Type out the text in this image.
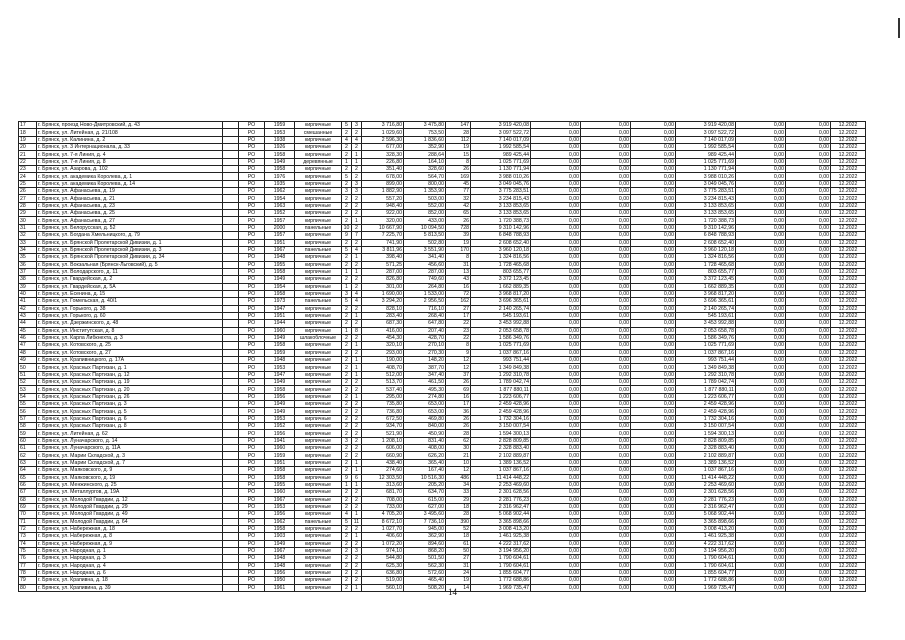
17	г. Брянск, проезд Ново-Дмитровский, д. 43		РО	1959	кирпичные	5	3	3 716,80	3 475,80	147	3 919 420,08	0,00	0,00	0,00	3 919 420,08	0,00	0,00	12.2022
18	г. Брянск, ул. Литейная, д. 21/108		РО	1953	смешанные	2	2	1 029,60	753,50	28	3 097 522,72	0,00	0,00	0,00	3 097 522,72	0,00	0,00	12.2022
19	г. Брянск, ул. Калинина, д. 2		РО	1938	кирпичные	4	4	2 596,30	1 836,60	112	7 140 017,09	0,00	0,00	0,00	7 140 017,09	0,00	0,00	12.2022
20	г. Брянск, ул. 3 Интернационала, д. 33		РО	1926	кирпичные	2	2	677,00	352,90	19	1 992 585,54	0,00	0,00	0,00	1 992 585,54	0,00	0,00	12.2022
21	г. Брянск, ул. 7-я Линия, д. 4		РО	1958	кирпичные	2	1	328,30	288,64	15	989 425,44	0,00	0,00	0,00	989 425,44	0,00	0,00	12.2022
22	г. Брянск, ул. 7-я Линия, д. 8		РО	1949	деревянные	1	1	226,80	164,10	8	1 025 771,69	0,00	0,00	0,00	1 025 771,69	0,00	0,00	12.2022
23	г. Брянск, ул. Азарова, д. 102		РО	1958	кирпичные	2	2	351,40	328,60	26	1 130 771,94	0,00	0,00	0,00	1 130 771,94	0,00	0,00	12.2022
24	г. Брянск, ул. академика Королева, д. 1		РО	1976	кирпичные	5	2	678,00	564,70	169	3 988 010,26	0,00	0,00	0,00	3 988 010,26	0,00	0,00	12.2022
25	г. Брянск, ул. академика Королева, д. 14		РО	1935	кирпичные	2	3	899,00	800,00	45	3 049 045,76	0,00	0,00	0,00	3 049 045,76	0,00	0,00	12.2022
26	г. Брянск, ул. Афанасьева, д. 19		РО	1962	кирпичные	3	3	1 882,90	1 353,90	77	3 775 283,51	0,00	0,00	0,00	3 775 283,51	0,00	0,00	12.2022
27	г. Брянск, ул. Афанасьева, д. 21		РО	1954	кирпичные	2	2	557,20	503,00	32	3 234 815,43	0,00	0,00	0,00	3 234 815,43	0,00	0,00	12.2022
28	г. Брянск, ул. Афанасьева, д. 23		РО	1963	кирпичные	2	2	948,40	552,00	42	3 133 853,65	0,00	0,00	0,00	3 133 853,65	0,00	0,00	12.2022
29	г. Брянск, ул. Афанасьева, д. 25		РО	1952	кирпичные	2	2	922,00	852,00	65	3 133 853,65	0,00	0,00	0,00	3 133 853,65	0,00	0,00	12.2022
30	г. Брянск, ул. Афанасьева, д. 27		РО	1957	кирпичные	2	1	320,00	433,00	26	1 720 388,73	0,00	0,00	0,00	1 720 388,73	0,00	0,00	12.2022
31	г. Брянск, ул. Белорусская, д. 52		РО	2000	панельные	10	2	10 667,90	10 094,50	728	9 310 142,96	0,00	0,00	0,00	9 310 142,96	0,00	0,00	12.2022
32	г. Брянск, ул. Богдана Хмельницкого, д. 79		РО	1957	кирпичные	9	7	7 225,70	5 813,50	39	6 848 788,93	0,00	0,00	0,00	6 848 788,93	0,00	0,00	12.2022
33	г. Брянск, ул. Брянской Пролетарской Дивизии, д. 1		РО	1951	кирпичные	2	2	741,90	502,80	19	2 608 652,40	0,00	0,00	0,00	2 608 652,40	0,00	0,00	12.2022
34	г. Брянск, ул. Брянской Пролетарской Дивизии, д. 3		РО	1967	панельные	5	4	3 811,96	3 551,90	170	3 960 120,18	0,00	0,00	0,00	3 960 120,18	0,00	0,00	12.2022
35	г. Брянск, ул. Брянской Пролетарской Дивизии, д. 34		РО	1948	кирпичные	2	1	398,40	341,40	8	1 324 816,56	0,00	0,00	0,00	1 324 816,56	0,00	0,00	12.2022
36	г. Брянск, ул. Вокзальная (Брянск-Льговский), д. 5		РО	1955	кирпичные	2	2	571,25	456,60	31	1 728 465,68	0,00	0,00	0,00	1 728 465,68	0,00	0,00	12.2022
37	г. Брянск, ул. Володарского, д. 11		РО	1958	кирпичные	1	1	287,00	287,00	13	803 655,77	0,00	0,00	0,00	803 655,77	0,00	0,00	12.2022
38	г. Брянск, ул. Гвардейская, д. 2		РО	1949	кирпичные	2	2	826,80	749,60	43	3 372 123,45	0,00	0,00	0,00	3 372 123,45	0,00	0,00	12.2022
39	г. Брянск, ул. Гвардейская, д. 5А		РО	1954	кирпичные	1	2	301,00	264,80	16	1 662 889,35	0,00	0,00	0,00	1 662 889,35	0,00	0,00	12.2022
40	г. Брянск, ул. Есенина, д. 15		РО	1958	кирпичные	3	4	1 690,00	1 533,00	72	3 968 817,20	0,00	0,00	0,00	3 968 817,20	0,00	0,00	12.2022
41	г. Брянск, ул. Гомельская, д. 40/1		РО	1973	панельные	5	4	3 294,20	2 956,50	162	3 696 365,61	0,00	0,00	0,00	3 696 365,61	0,00	0,00	12.2022
42	г. Брянск, ул. Горького, д. 38		РО	1947	кирпичные	2	2	828,10	716,10	27	2 140 265,74	0,00	0,00	0,00	2 140 265,74	0,00	0,00	12.2022
43	г. Брянск, ул. Горького, д. 60		РО	1951	кирпичные	2	1	283,40	268,40	17	545 193,61	0,00	0,00	0,00	545 193,61	0,00	0,00	12.2022
44	г. Брянск, ул. Дзержинского, д. 48		РО	1944	кирпичные	2	2	687,30	647,80	22	3 453 992,88	0,00	0,00	0,00	3 453 992,88	0,00	0,00	12.2022
45	г. Брянск, ул. Институтская, д. 8		РО	1960	кирпичные	1	8	416,00	207,40	23	2 053 658,78	0,00	0,00	0,00	2 053 658,78	0,00	0,00	12.2022
46	г. Брянск, ул. Карла Либкнехта, д. 3		РО	1949	шлакоблочные	2	2	454,30	428,70	22	1 586 349,76	0,00	0,00	0,00	1 586 349,76	0,00	0,00	12.2022
47	г. Брянск, ул. Котовского, д. 25		РО	1958	кирпичные	2	1	320,10	270,10	8	1 025 771,69	0,00	0,00	0,00	1 025 771,69	0,00	0,00	12.2022
48	г. Брянск, ул. Котовского, д. 27		РО	1959	кирпичные	2	2	293,00	270,30	9	1 037 867,16	0,00	0,00	0,00	1 037 867,16	0,00	0,00	12.2022
49	г. Брянск, ул. Крапивницкого, д. 17А		РО	1948	кирпичные	2	1	190,00	148,20	12	993 751,44	0,00	0,00	0,00	993 751,44	0,00	0,00	12.2022
50	г. Брянск, ул. Красных Партизан, д. 1		РО	1953	кирпичные	2	1	408,70	387,70	12	1 349 849,38	0,00	0,00	0,00	1 349 849,38	0,00	0,00	12.2022
51	г. Брянск, ул. Красных Партизан, д. 12		РО	1947	кирпичные	2	1	512,00	347,40	37	1 292 310,78	0,00	0,00	0,00	1 292 310,78	0,00	0,00	12.2022
52	г. Брянск, ул. Красных Партизан, д. 19		РО	1949	кирпичные	2	2	513,70	461,50	26	1 789 042,74	0,00	0,00	0,00	1 789 042,74	0,00	0,00	12.2022
53	г. Брянск, ул. Красных Партизан, д. 20		РО	1958	кирпичные	2	2	537,40	495,30	69	1 877 880,11	0,00	0,00	0,00	1 877 880,11	0,00	0,00	12.2022
54	г. Брянск, ул. Красных Партизан, д. 26		РО	1956	кирпичные	2	1	295,00	274,80	16	1 223 606,77	0,00	0,00	0,00	1 223 606,77	0,00	0,00	12.2022
55	г. Брянск, ул. Красных Партизан, д. 3		РО	1949	кирпичные	2	2	735,80	653,00	17	2 459 428,96	0,00	0,00	0,00	2 459 428,96	0,00	0,00	12.2022
56	г. Брянск, ул. Красных Партизан, д. 5		РО	1949	кирпичные	2	2	736,80	653,00	36	2 459 428,96	0,00	0,00	0,00	2 459 428,96	0,00	0,00	12.2022
57	г. Брянск, ул. Красных Партизан, д. 6		РО	1953	кирпичные	2	2	672,50	469,80	26	1 732 304,16	0,00	0,00	0,00	1 732 304,16	0,00	0,00	12.2022
58	г. Брянск, ул. Красных Партизан, д. 8		РО	1952	кирпичные	2	2	934,70	840,00	26	3 150 007,54	0,00	0,00	0,00	3 150 007,54	0,00	0,00	12.2022
59	г. Брянск, ул. Литейная, д. 62		РО	1956	кирпичные	2	2	521,90	450,90	28	1 594 300,13	0,00	0,00	0,00	1 594 300,13	0,00	0,00	12.2022
60	г. Брянск, ул. Луначарского, д. 14		РО	1941	кирпичные	3	2	1 208,10	831,40	62	2 828 809,85	0,00	0,00	0,00	2 828 809,85	0,00	0,00	12.2022
61	г. Брянск, ул. Луначарского, д. 11А		РО	1960	кирпичные	2	2	606,00	408,00	30	2 328 883,40	0,00	0,00	0,00	2 328 883,40	0,00	0,00	12.2022
62	г. Брянск, ул. Марии Складской, д. 3		РО	1959	кирпичные	2	2	660,90	626,20	21	2 102 889,87	0,00	0,00	0,00	2 102 889,87	0,00	0,00	12.2022
63	г. Брянск, ул. Марии Складской, д. 7		РО	1951	кирпичные	2	1	438,40	365,40	10	1 389 136,52	0,00	0,00	0,00	1 389 136,52	0,00	0,00	12.2022
64	г. Брянск, ул. Маяковского, д. 9		РО	1958	кирпичные	2	1	274,60	167,40	12	1 037 867,16	0,00	0,00	0,00	1 037 867,16	0,00	0,00	12.2022
65	г. Брянск, ул. Маяковского, д. 19		РО	1958	кирпичные	9	6	12 303,50	10 516,30	486	11 414 448,22	0,00	0,00	0,00	11 414 448,22	0,00	0,00	12.2022
66	г. Брянск, ул. Менжинского, д. 25		РО	1955	кирпичные	1	1	313,60	205,20	34	2 253 469,60	0,00	0,00	0,00	2 253 469,60	0,00	0,00	12.2022
67	г. Брянск, ул. Металлургов, д. 19А		РО	1960	кирпичные	2	2	681,70	634,70	33	2 301 628,56	0,00	0,00	0,00	2 301 628,56	0,00	0,00	12.2022
68	г. Брянск, ул. Молодой Гвардии, д. 12		РО	1967	кирпичные	2	2	708,00	615,00	29	2 281 776,23	0,00	0,00	0,00	2 281 776,23	0,00	0,00	12.2022
69	г. Брянск, ул. Молодой Гвардии, д. 29		РО	1953	кирпичные	2	2	733,00	627,00	18	2 316 962,47	0,00	0,00	0,00	2 316 962,47	0,00	0,00	12.2022
70	г. Брянск, ул. Молодой Гвардии, д. 49		РО	1956	кирпичные	4	1	4 705,20	3 495,60	28	5 068 902,44	0,00	0,00	0,00	5 068 902,44	0,00	0,00	12.2022
71	г. Брянск, ул. Молодой Гвардии, д. 64		РО	1962	панельные	5	11	8 672,10	7 736,10	390	3 365 898,66	0,00	0,00	0,00	3 365 898,66	0,00	0,00	12.2022
72	г. Брянск, ул. Набережная, д. 18		РО	1958	кирпичные	2	2	1 027,70	945,00	52	3 008 413,20	0,00	0,00	0,00	3 008 413,20	0,00	0,00	12.2022
73	г. Брянск, ул. Набережная, д. 8		РО	1903	кирпичные	2	1	406,60	362,90	18	1 461 925,38	0,00	0,00	0,00	1 461 925,38	0,00	0,00	12.2022
74	г. Брянск, ул. Набережная, д. 9		РО	1949	кирпичные	2	2	1 072,20	894,60	61	4 222 317,62	0,00	0,00	0,00	4 222 317,62	0,00	0,00	12.2022
75	г. Брянск, ул. Народная, д. 1		РО	1967	кирпичные	2	3	974,10	868,20	50	3 194 956,20	0,00	0,00	0,00	3 194 956,20	0,00	0,00	12.2022
76	г. Брянск, ул. Народная, д. 3		РО	1948	кирпичные	2	2	544,80	501,50	27	1 790 604,61	0,00	0,00	0,00	1 790 604,61	0,00	0,00	12.2022
77	г. Брянск, ул. Народная, д. 4		РО	1948	кирпичные	2	2	625,30	562,30	31	1 790 604,61	0,00	0,00	0,00	1 790 604,61	0,00	0,00	12.2022
78	г. Брянск, ул. Народная, д. 6		РО	1956	кирпичные	2	2	636,80	572,60	24	1 855 604,77	0,00	0,00	0,00	1 855 604,77	0,00	0,00	12.2022
79	г. Брянск, ул. Крапивна, д. 18		РО	1950	кирпичные	2	2	519,00	465,40	19	1 772 688,86	0,00	0,00	0,00	1 772 688,86	0,00	0,00	12.2022
80	г. Брянск, ул. Крапивина, д. 39		РО	1961	кирпичные	2	1	560,10	508,20	14	1 969 735,47	0,00	0,00	0,00	1 969 735,47	0,00	0,00	12.2022
14
